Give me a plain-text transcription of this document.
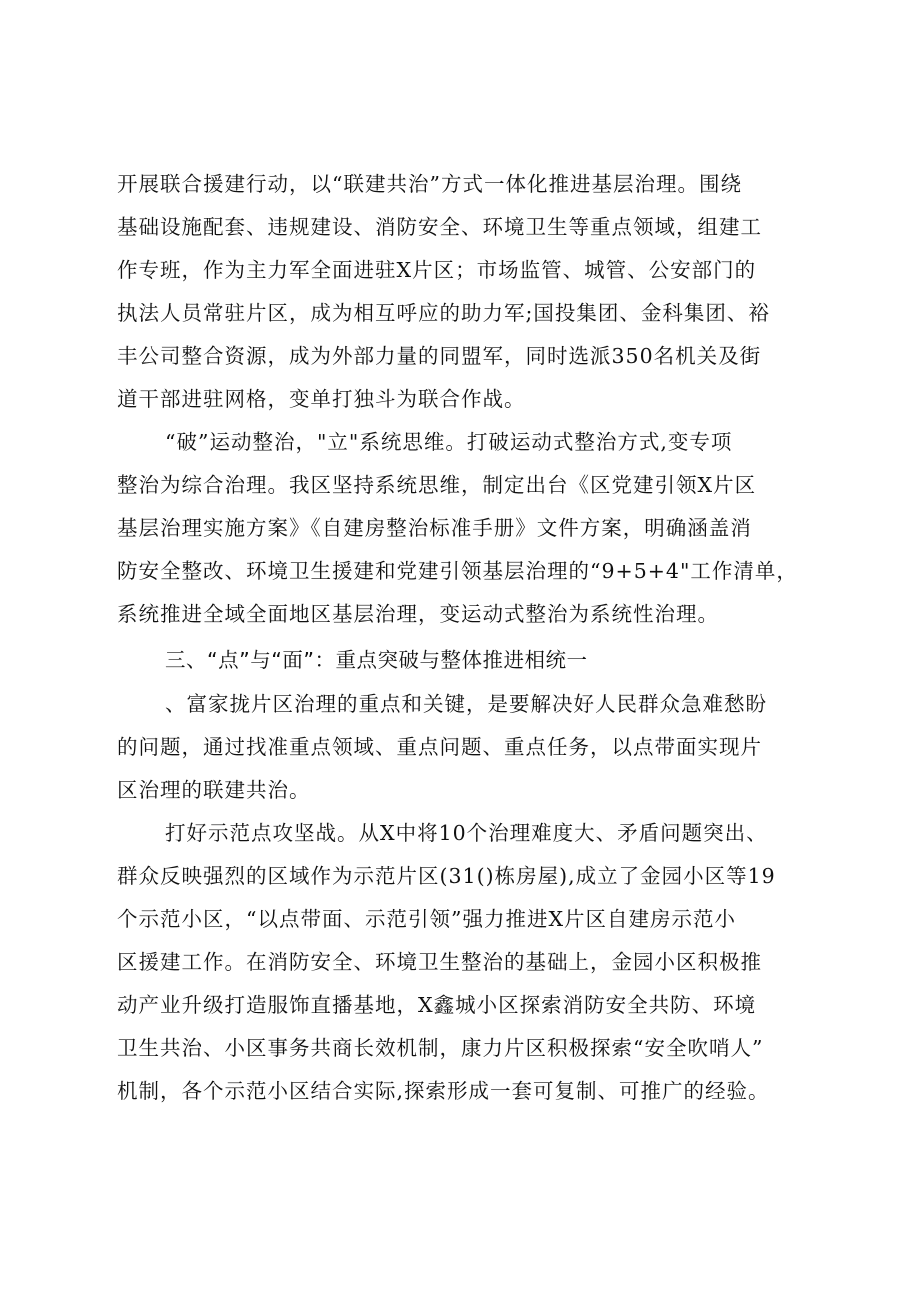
开展联合援建行动，以“联建共治”方式一体化推进基层治理。围绕
基础设施配套、违规建设、消防安全、环境卫生等重点领域，组建工
作专班，作为主力军全面进驻X片区；市场监管、城管、公安部门的
执法人员常驻片区，成为相互呼应的助力军;国投集团、金科集团、裕
丰公司整合资源，成为外部力量的同盟军，同时选派350名机关及街
道干部进驻网格，变单打独斗为联合作战。
“破”运动整治，"立"系统思维。打破运动式整治方式,变专项
整治为综合治理。我区坚持系统思维，制定出台《区党建引领X片区
基层治理实施方案》《自建房整治标准手册》文件方案，明确涵盖消
防安全整改、环境卫生援建和党建引领基层治理的“9+5+4"工作清单，
系统推进全域全面地区基层治理，变运动式整治为系统性治理。
三、“点”与“面”：重点突破与整体推进相统一
、富家拢片区治理的重点和关键，是要解决好人民群众急难愁盼
的问题，通过找准重点领域、重点问题、重点任务，以点带面实现片
区治理的联建共治。
打好示范点攻坚战。从X中将10个治理难度大、矛盾问题突出、
群众反映强烈的区域作为示范片区(31()栋房屋),成立了金园小区等19
个示范小区，“以点带面、示范引领”强力推进X片区自建房示范小
区援建工作。在消防安全、环境卫生整治的基础上，金园小区积极推
动产业升级打造服饰直播基地，X鑫城小区探索消防安全共防、环境
卫生共治、小区事务共商长效机制，康力片区积极探索“安全吹哨人”
机制，各个示范小区结合实际,探索形成一套可复制、可推广的经验。
